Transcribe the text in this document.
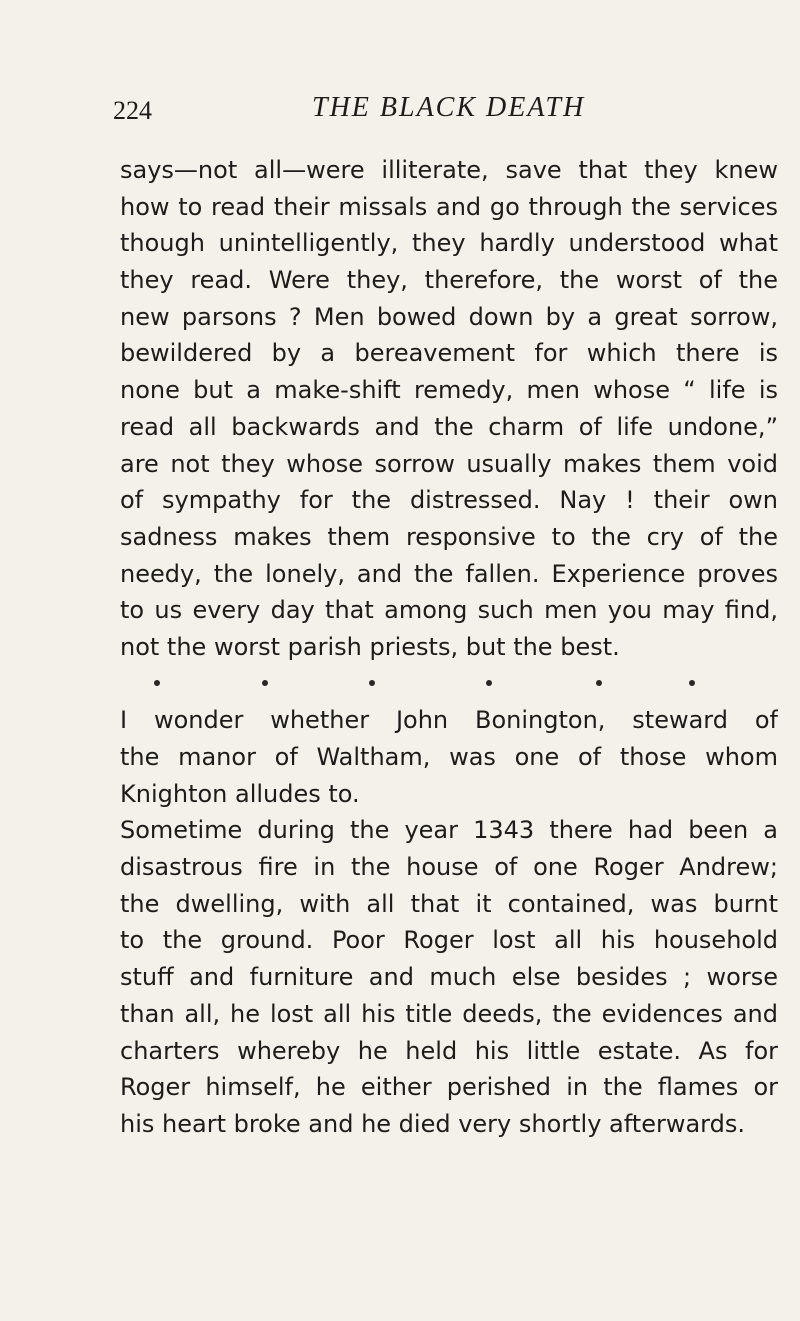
224	THE BLACK DEATH
says—not all—were illiterate, save that they knew
how to read their missals and go through the services
though unintelligently, they hardly understood what
they read. Were they, therefore, the worst of the
new parsons ? Men bowed down by a great sorrow,
bewildered by a bereavement for which there is
none but a make-shift remedy, men whose “ life is
read all backwards and the charm of life undone,”
are not they whose sorrow usually makes them void
of sympathy for the distressed. Nay ! their own
sadness makes them responsive to the cry of the
needy, the lonely, and the fallen. Experience proves
to us every day that among such men you may find,
not the worst parish priests, but the best.
I wonder whether John Bonington, steward of
the manor of Waltham, was one of those whom
Knighton alludes to.
Sometime during the year 1343 there had been a
disastrous fire in the house of one Roger Andrew;
the dwelling, with all that it contained, was burnt
to the ground. Poor Roger lost all his household
stuff and furniture and much else besides ; worse
than all, he lost all his title deeds, the evidences and
charters whereby he held his little estate. As for
Roger himself, he either perished in the flames or
his heart broke and he died very shortly afterwards.
